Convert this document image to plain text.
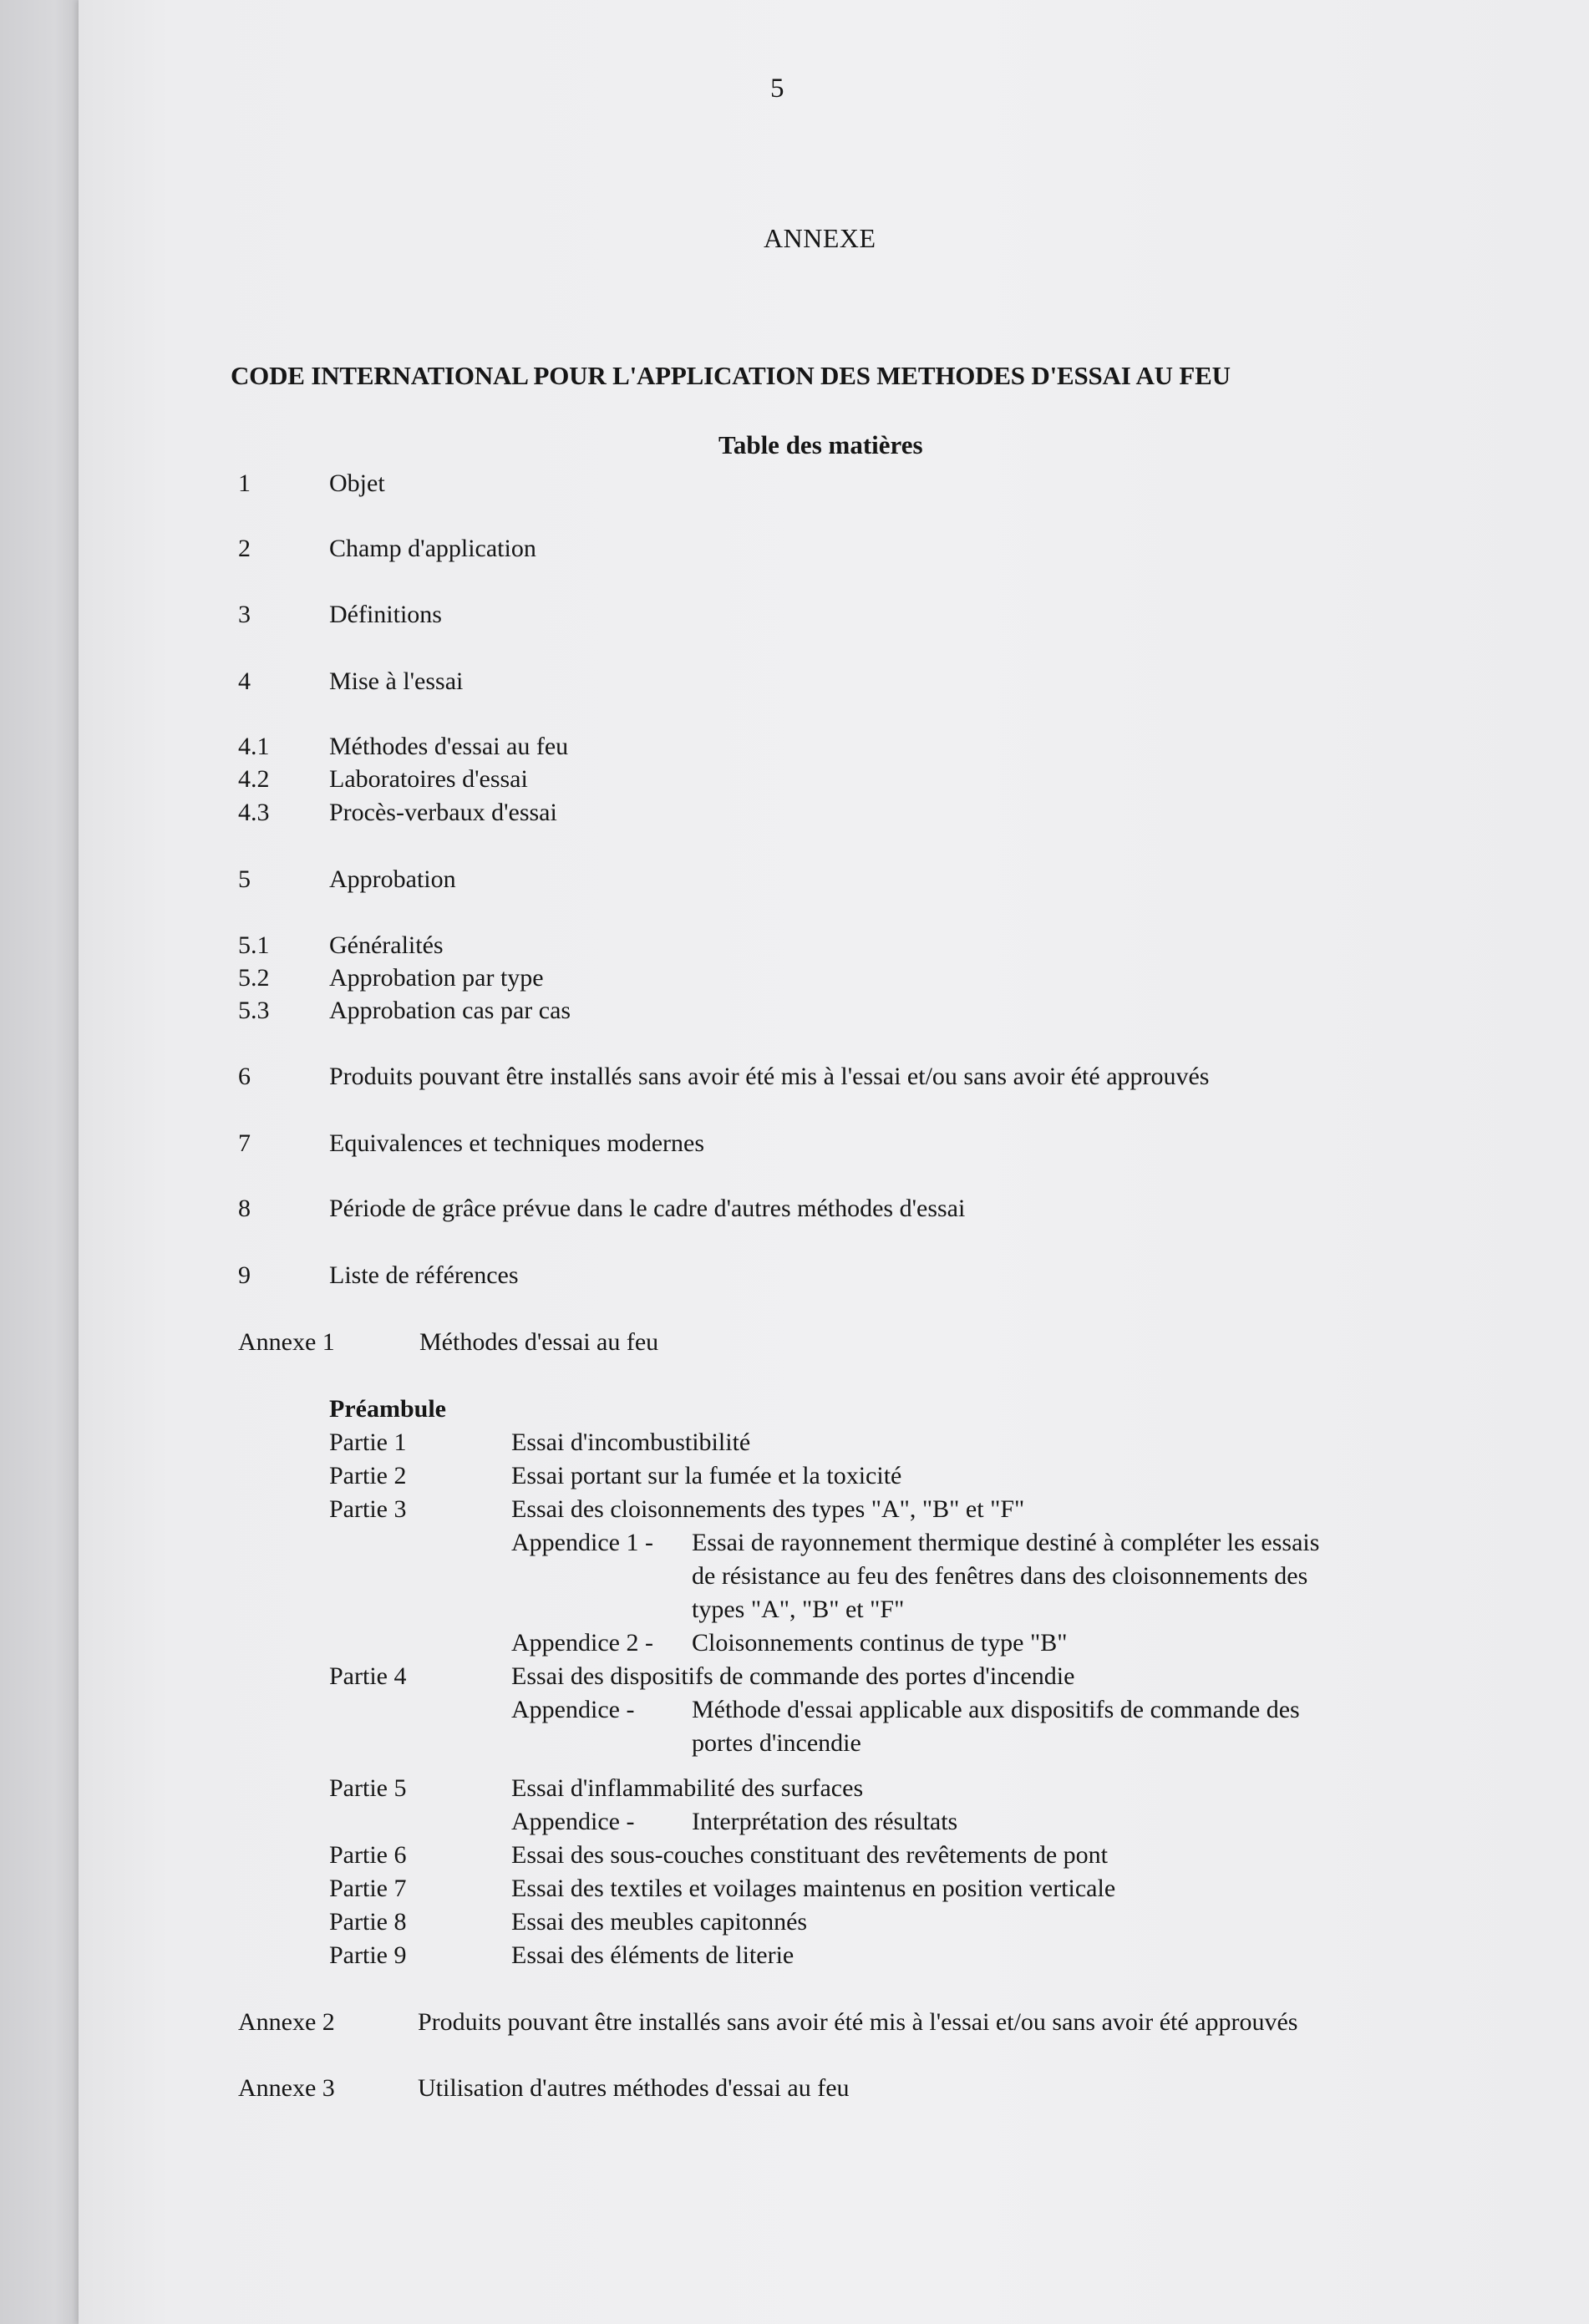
5
ANNEXE
CODE INTERNATIONAL POUR L'APPLICATION DES METHODES D'ESSAI AU FEU
Table des matières
1	Objet
2	Champ d'application
3	Définitions
4	Mise à l'essai
4.1 Méthodes d'essai au feu
4.2 Laboratoires d'essai
4.3 Procès-verbaux d'essai
5	Approbation
5.1 Généralités
5.2 Approbation par type
5.3 Approbation cas par cas
6	Produits pouvant être installés sans avoir été mis à l'essai et/ou sans avoir été approuvés
7	Equivalences et techniques modernes
8	Période de grâce prévue dans le cadre d'autres méthodes d'essai
9	Liste de références
Annexe 1	Méthodes d'essai au feu
Préambule
Partie 1	Essai d'incombustibilité
Partie 2	Essai portant sur la fumée et la toxicité
Partie 3	Essai des cloisonnements des types "A", "B" et "F"
Appendice 1 - Essai de rayonnement thermique destiné à compléter les essais
de résistance au feu des fenêtres dans des cloisonnements des
types "A", "B" et "F"
Appendice 2 - Cloisonnements continus de type "B"
Partie 4	Essai des dispositifs de commande des portes d'incendie
Appendice - Méthode d'essai applicable aux dispositifs de commande des
portes d'incendie
Partie 5	Essai d'inflammabilité des surfaces
Appendice - Interprétation des résultats
Partie 6	Essai des sous-couches constituant des revêtements de pont
Partie 7	Essai des textiles et voilages maintenus en position verticale
Partie 8	Essai des meubles capitonnés
Partie 9	Essai des éléments de literie
Annexe 2	Produits pouvant être installés sans avoir été mis à l'essai et/ou sans avoir été approuvés
Annexe 3	Utilisation d'autres méthodes d'essai au feu
